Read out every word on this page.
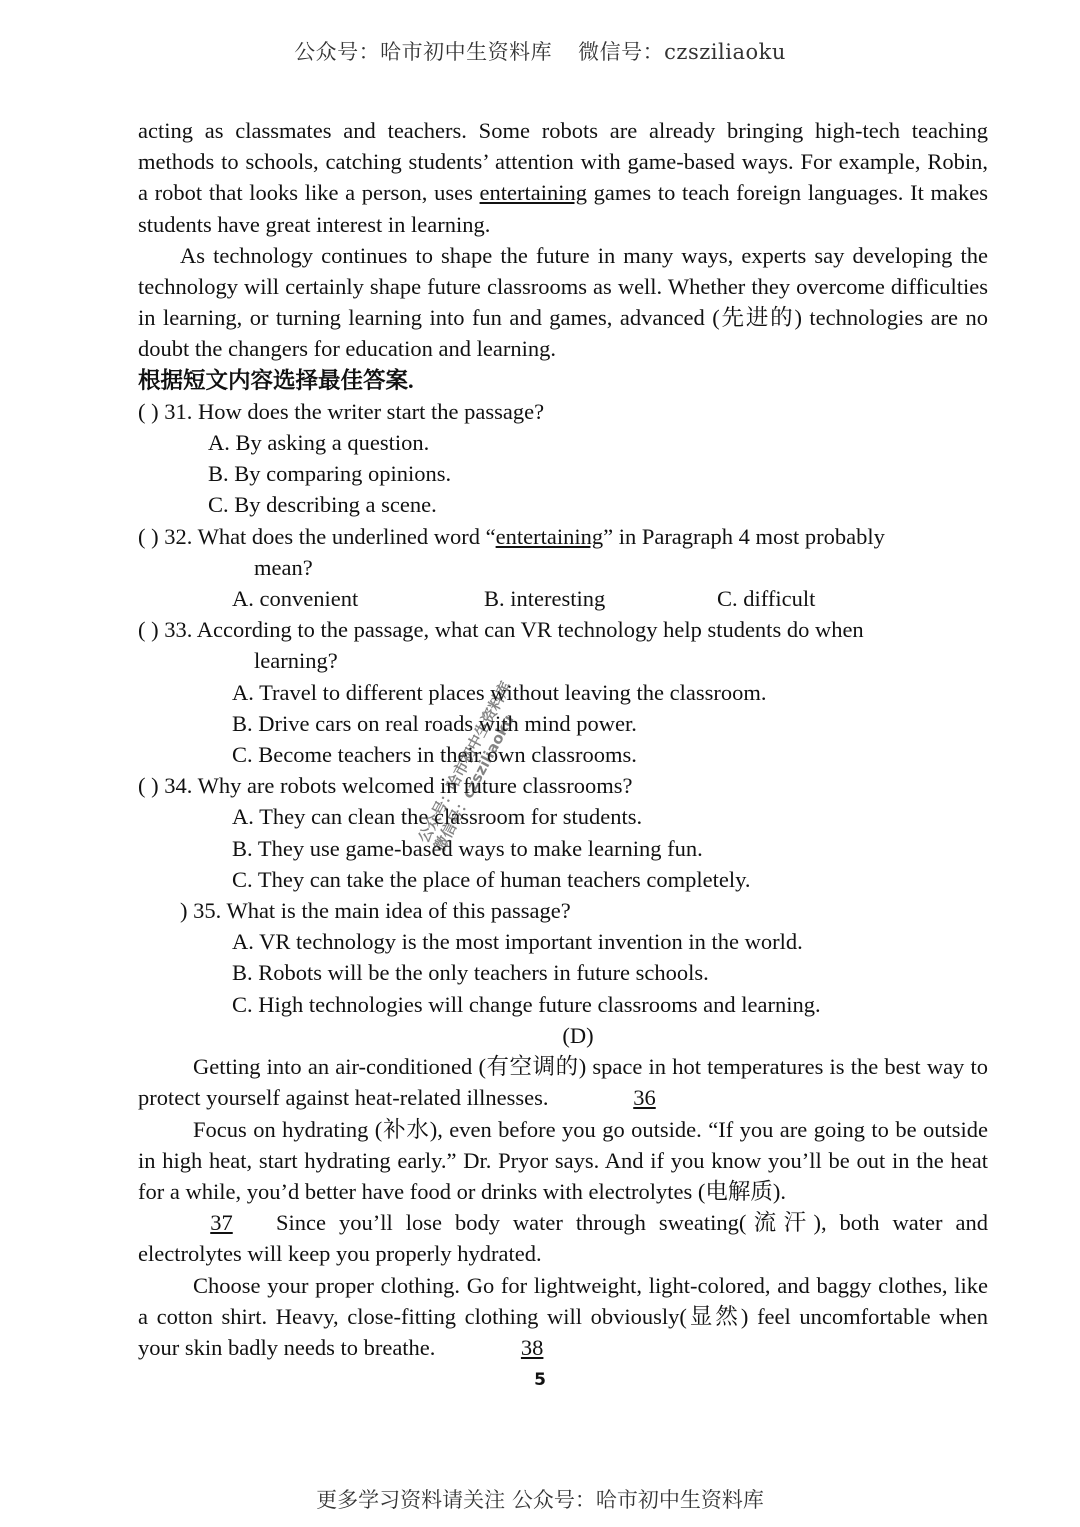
公众号：哈市初中生资料库 微信号：czsziliaoku

acting as classmates and teachers. Some robots are already bringing high-tech teaching methods to schools, catching students’ attention with game-based ways. For example, Robin, a robot that looks like a person, uses entertaining games to teach foreign languages. It makes students have great interest in learning.

As technology continues to shape the future in many ways, experts say developing the technology will certainly shape future classrooms as well. Whether they overcome difficulties in learning, or turning learning into fun and games, advanced (先进的) technologies are no doubt the changers for education and learning.

根据短文内容选择最佳答案.

( ) 31. How does the writer start the passage?

A. By asking a question.

B. By comparing opinions.

C. By describing a scene.

( ) 32. What does the underlined word “entertaining” in Paragraph 4 most probably

mean?

A. convenient	B. interesting	C. difficult

( ) 33. According to the passage, what can VR technology help students do when

learning?

A. Travel to different places without leaving the classroom.

B. Drive cars on real roads with mind power.

C. Become teachers in their own classrooms.

( ) 34. Why are robots welcomed in future classrooms?

A. They can clean the classroom for students.

B. They use game-based ways to make learning fun.

C. They can take the place of human teachers completely.

) 35. What is the main idea of this passage?

A. VR technology is the most important invention in the world.

B. Robots will be the only teachers in future schools.

C. High technologies will change future classrooms and learning.

(D)

Getting into an air-conditioned (有空调的) space in hot temperatures is the best way to protect yourself against heat-related illnesses.	36

Focus on hydrating (补水), even before you go outside. “If you are going to be outside in high heat, start hydrating early.” Dr. Pryor says. And if you know you’ll be out in the heat for a while, you’d better have food or drinks with electrolytes (电解质).
37 Since you’ll lose body water through sweating(流汗), both water and electrolytes will keep you properly hydrated.

Choose your proper clothing. Go for lightweight, light-colored, and baggy clothes, like a cotton shirt. Heavy, close-fitting clothing will obviously(显然) feel uncomfortable when your skin badly needs to breathe.	38

5
公众号：哈市初中生资料库 微信号：czsziliaoku
更多学习资料请关注 公众号：哈市初中生资料库
